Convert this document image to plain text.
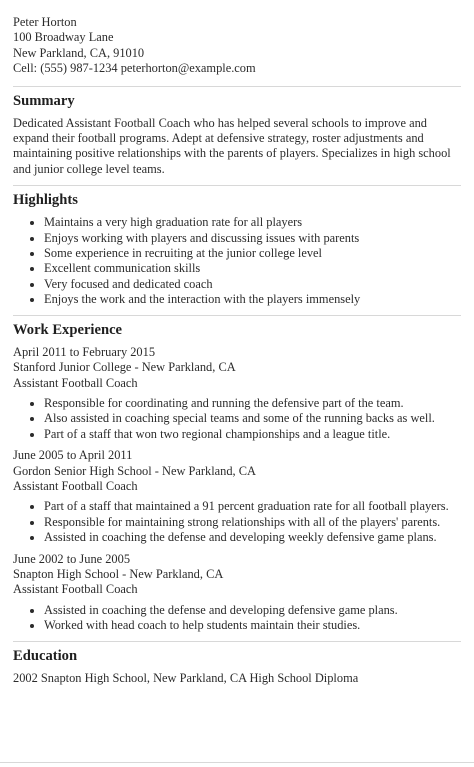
Peter Horton
100 Broadway Lane
New Parkland, CA, 91010
Cell: (555) 987-1234 peterhorton@example.com
Summary
Dedicated Assistant Football Coach who has helped several schools to improve and expand their football programs. Adept at defensive strategy, roster adjustments and maintaining positive relationships with the parents of players. Specializes in high school and junior college level teams.
Highlights
Maintains a very high graduation rate for all players
Enjoys working with players and discussing issues with parents
Some experience in recruiting at the junior college level
Excellent communication skills
Very focused and dedicated coach
Enjoys the work and the interaction with the players immensely
Work Experience
April 2011 to February 2015
Stanford Junior College - New Parkland, CA
Assistant Football Coach
Responsible for coordinating and running the defensive part of the team.
Also assisted in coaching special teams and some of the running backs as well.
Part of a staff that won two regional championships and a league title.
June 2005 to April 2011
Gordon Senior High School - New Parkland, CA
Assistant Football Coach
Part of a staff that maintained a 91 percent graduation rate for all football players.
Responsible for maintaining strong relationships with all of the players' parents.
Assisted in coaching the defense and developing weekly defensive game plans.
June 2002 to June 2005
Snapton High School - New Parkland, CA
Assistant Football Coach
Assisted in coaching the defense and developing defensive game plans.
Worked with head coach to help students maintain their studies.
Education
2002 Snapton High School, New Parkland, CA High School Diploma
